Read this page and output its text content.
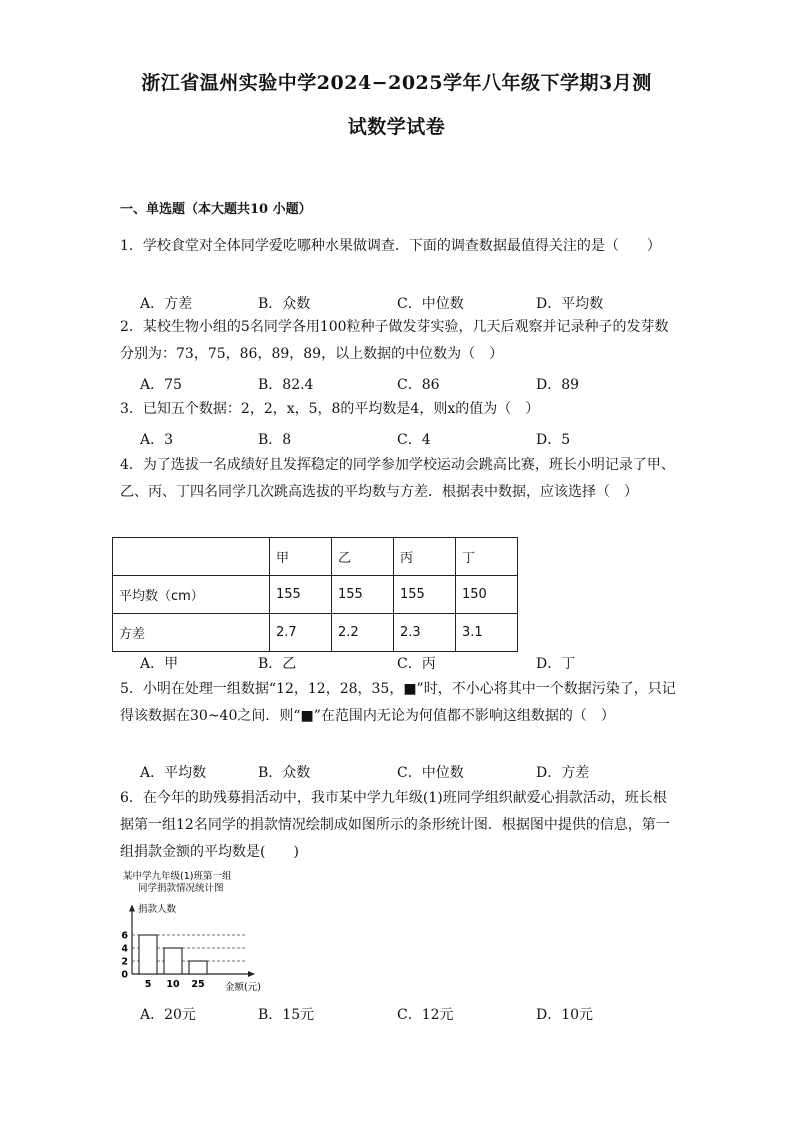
浙江省温州实验中学2024−2025学年八年级下学期3月测
试数学试卷
一、单选题（本大题共10 小题）
1．学校食堂对全体同学爱吃哪种水果做调查．下面的调查数据最值得关注的是（　　）
A．方差	B．众数	C．中位数	D．平均数
2．某校生物小组的5名同学各用100粒种子做发芽实验，几天后观察并记录种子的发芽数分别为：73，75，86，89，89，以上数据的中位数为（　）
A．75	B．82.4	C．86	D．89
3．已知五个数据：2，2，x，5，8的平均数是4，则x的值为（　）
A．3	B．8	C．4	D．5
4．为了选拔一名成绩好且发挥稳定的同学参加学校运动会跳高比赛，班长小明记录了甲、乙、丙、丁四名同学几次跳高选拔的平均数与方差．根据表中数据，应该选择（　）
	甲	乙	丙	丁
平均数（cm）	155	155	155	150
方差	2.7	2.2	2.3	3.1
A．甲	B．乙	C．丙	D．丁
5．小明在处理一组数据“12，12，28，35，■”时，不小心将其中一个数据污染了，只记得该数据在30~40之间．则“■”在范围内无论为何值都不影响这组数据的（　）
A．平均数	B．众数	C．中位数	D．方差
6．在今年的助残募捐活动中，我市某中学九年级(1)班同学组织献爱心捐款活动，班长根据第一组12名同学的捐款情况绘制成如图所示的条形统计图．根据图中提供的信息，第一组捐款金额的平均数是(　　)
某中学九年级(1)班第一组
同学捐款情况统计图
捐款人数
金额(元)
0
2
4
6
5 10 25
A．20元	B．15元	C．12元	D．10元
